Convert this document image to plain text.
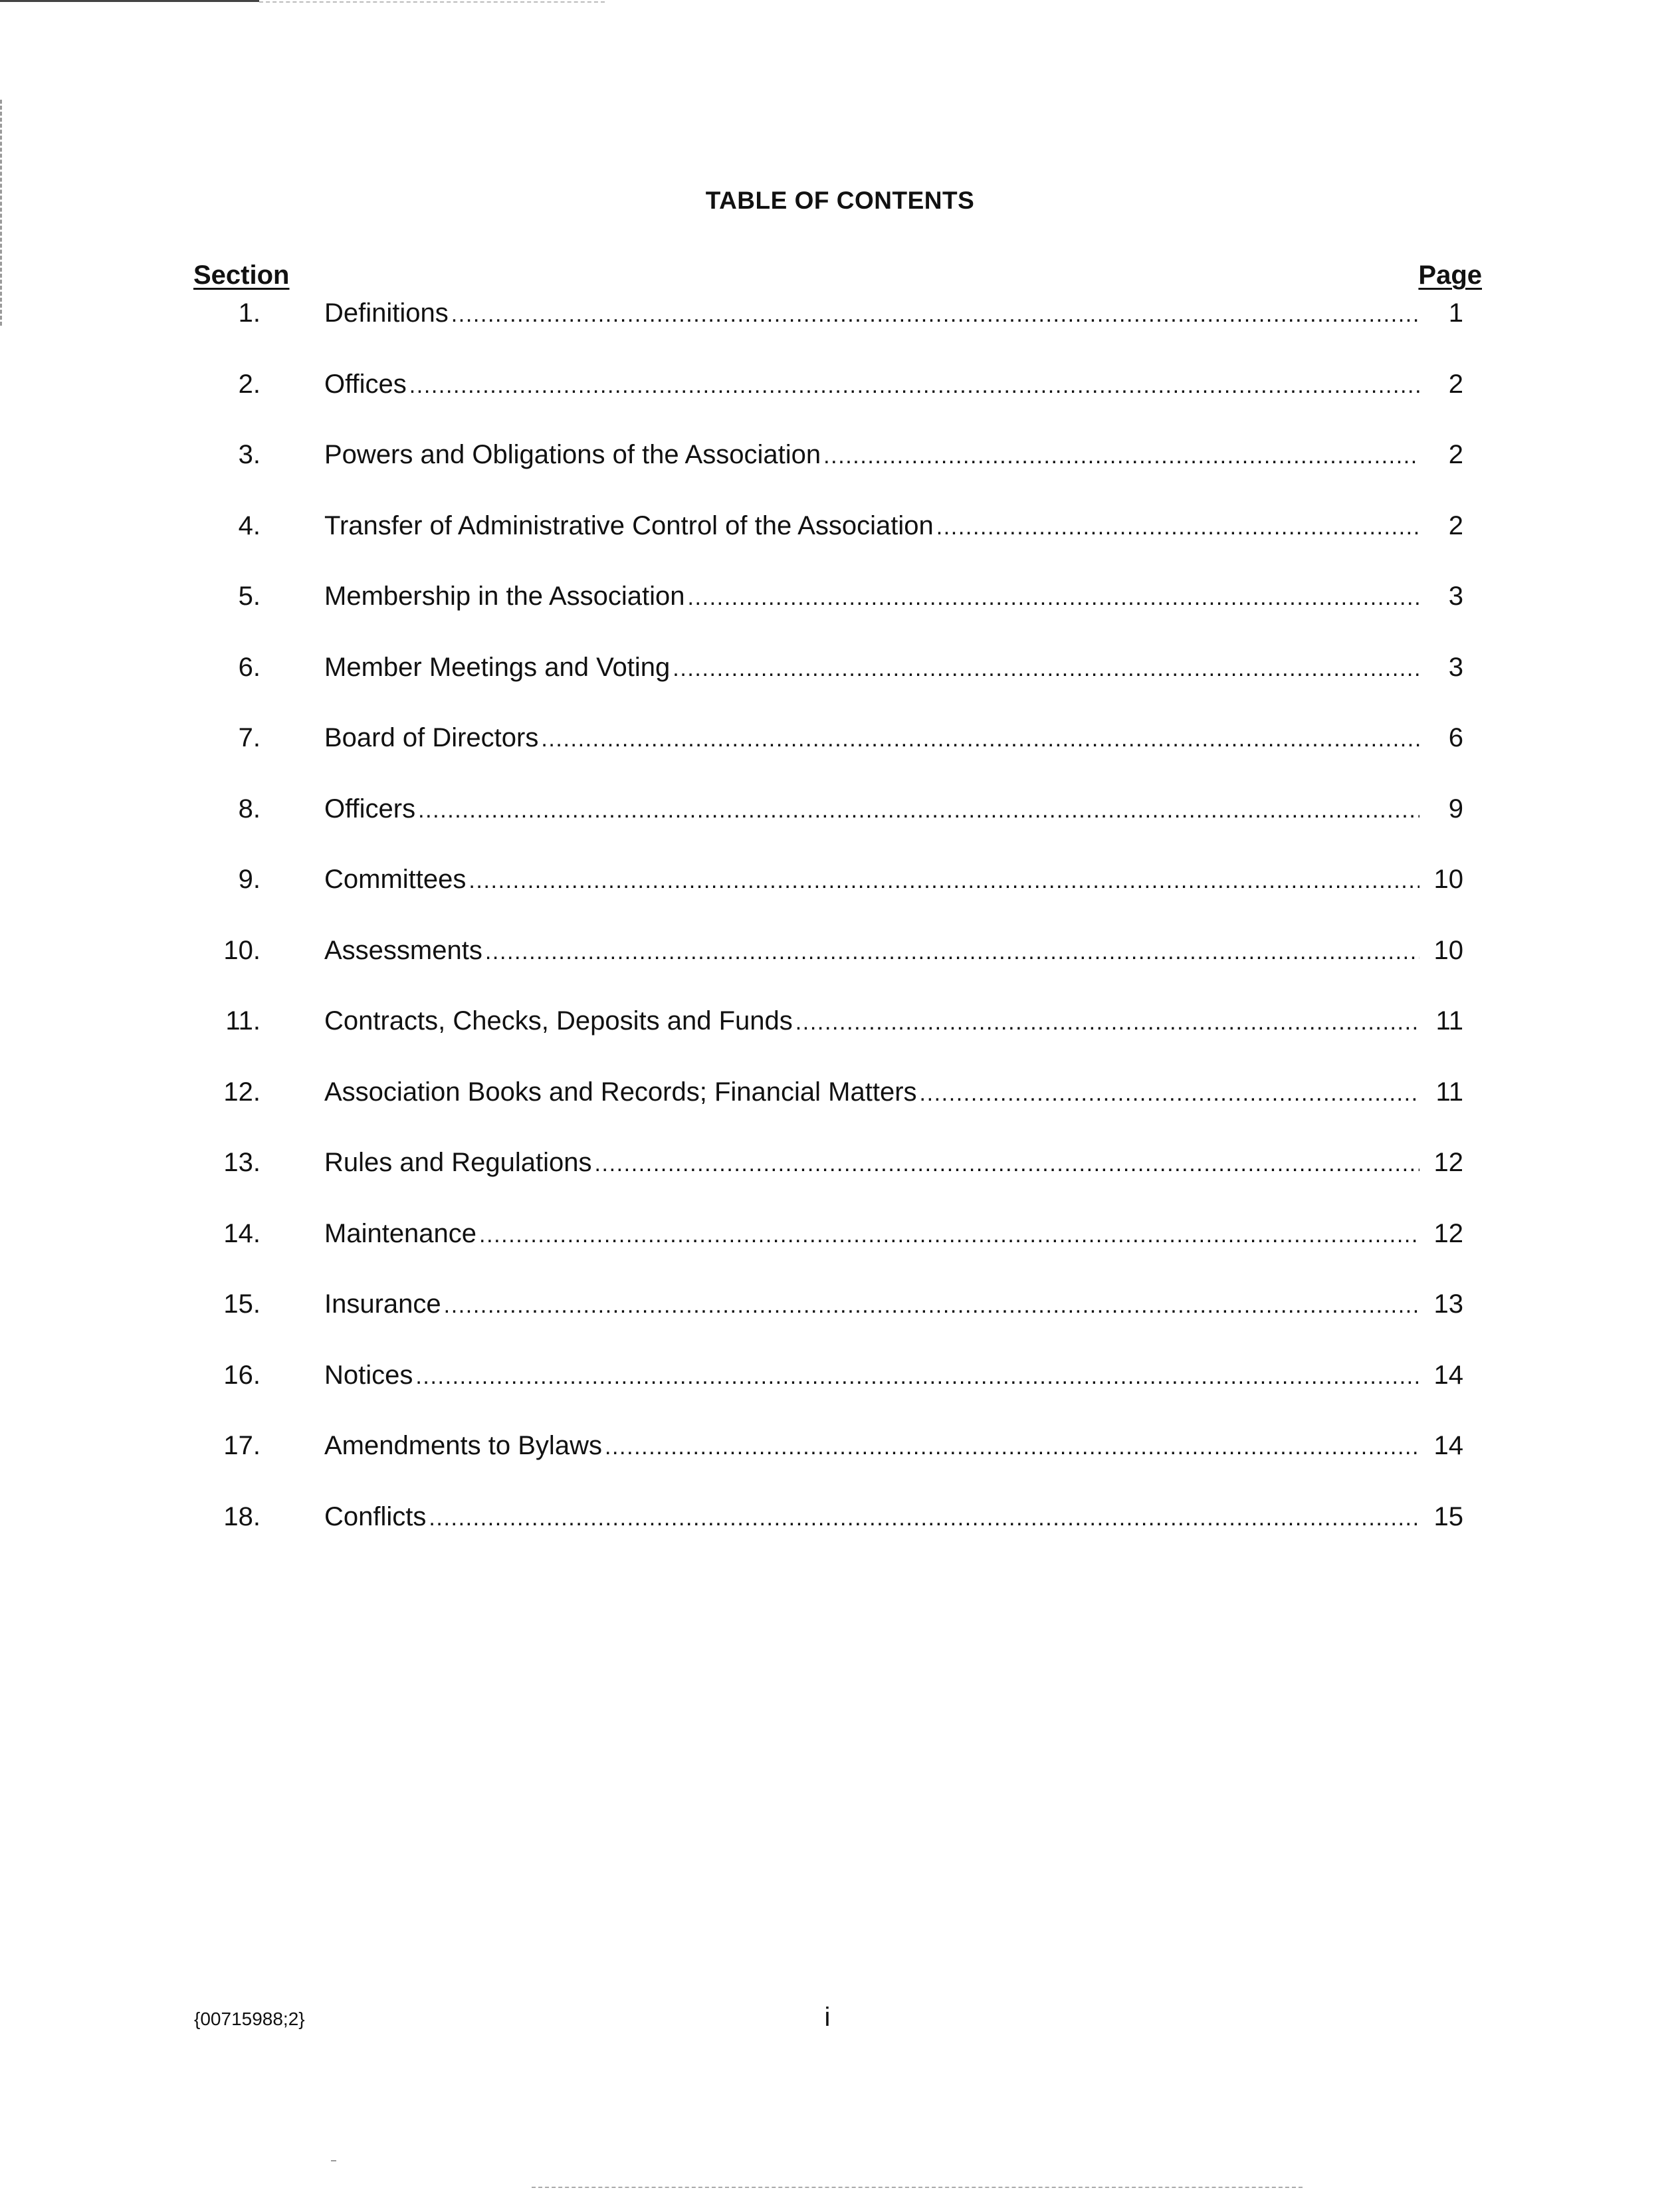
TABLE OF CONTENTS
Section	Page
1. Definitions .....	1
2. Offices .....	2
3. Powers and Obligations of the Association .....	2
4. Transfer of Administrative Control of the Association .....	2
5. Membership in the Association .....	3
6. Member Meetings and Voting .....	3
7. Board of Directors .....	6
8. Officers .....	9
9. Committees .....	10
10. Assessments .....	10
11. Contracts, Checks, Deposits and Funds .....	11
12. Association Books and Records; Financial Matters .....	11
13. Rules and Regulations .....	12
14. Maintenance .....	12
15. Insurance .....	13
16. Notices .....	14
17. Amendments to Bylaws .....	14
18. Conflicts .....	15
{00715988;2}	i
